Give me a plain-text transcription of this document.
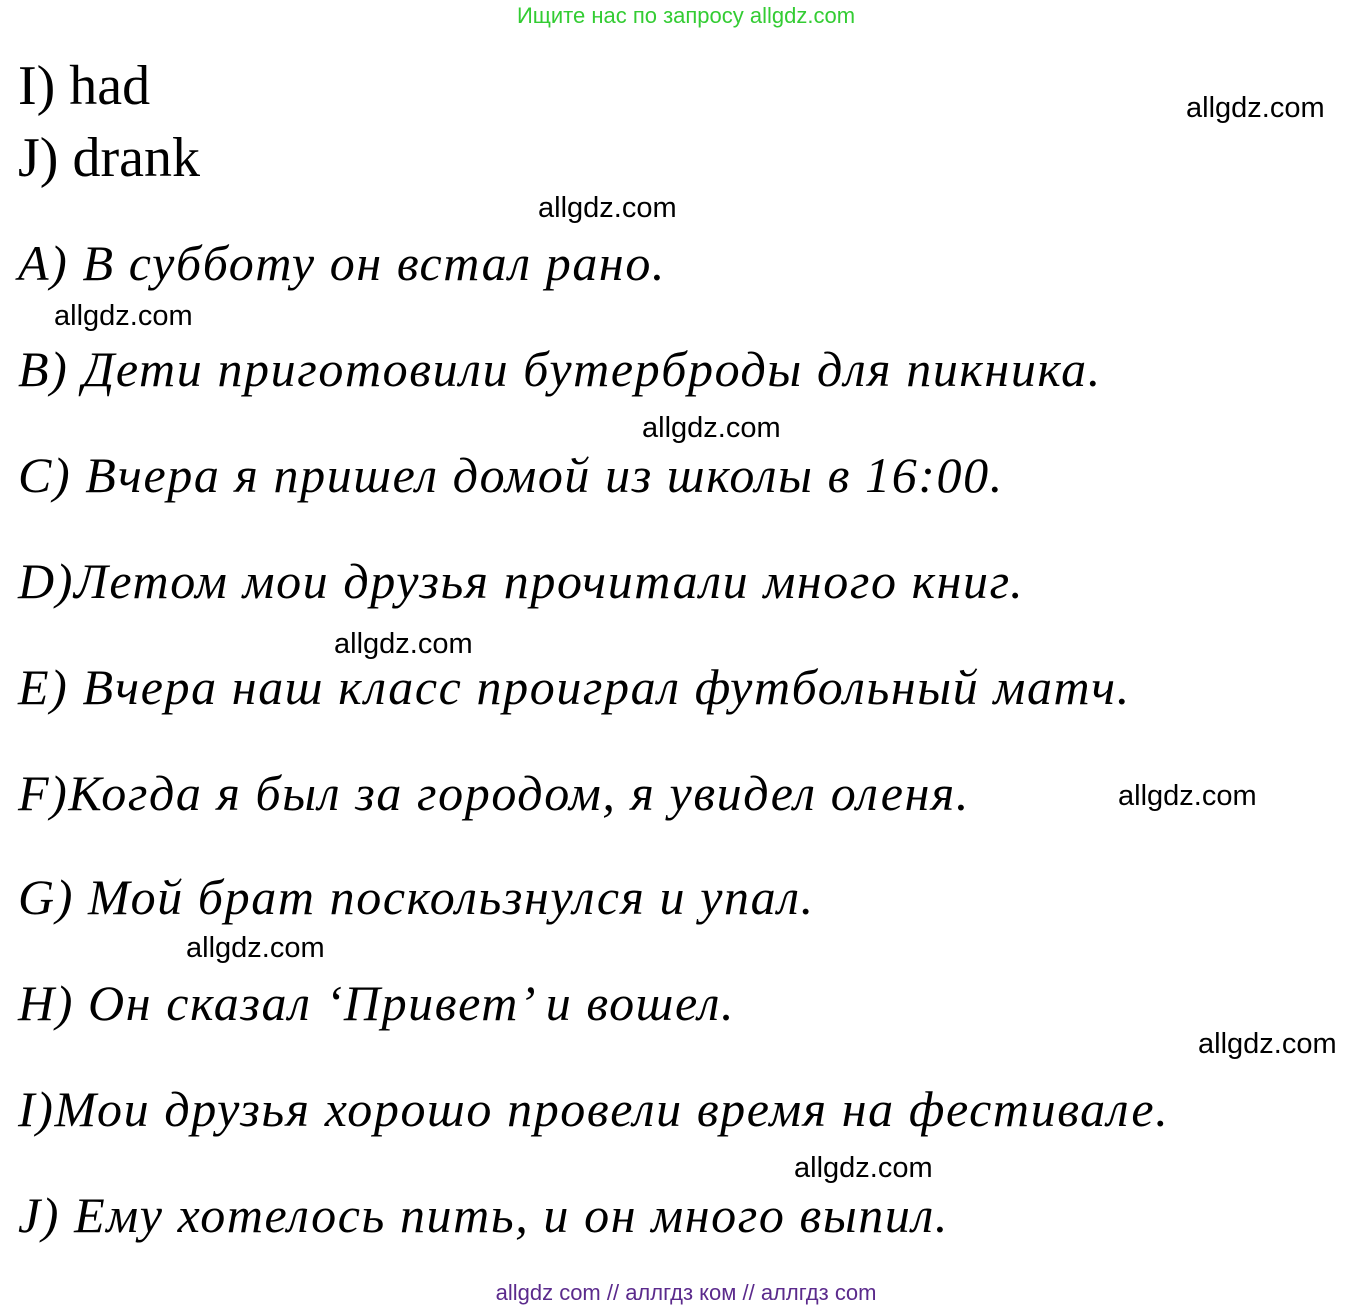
Ищите нас по запросу allgdz.com
I) had
J) drank
allgdz.com
allgdz.com
A) В субботу он встал рано.
allgdz.com
B) Дети приготовили бутерброды для пикника.
allgdz.com
C) Вчера я пришел домой из школы в 16:00.
D)Летом мои друзья прочитали много книг.
allgdz.com
E) Вчера наш класс проиграл футбольный матч.
F)Когда я был за городом, я увидел оленя.	allgdz.com
G) Мой брат поскользнулся и упал.
allgdz.com
H) Он сказал ‘Привет’ и вошел.
allgdz.com
I)Мои друзья хорошо провели время на фестивале.
allgdz.com
J) Ему хотелось пить, и он много выпил.
allgdz com // аллгдз ком // аллгдз com
